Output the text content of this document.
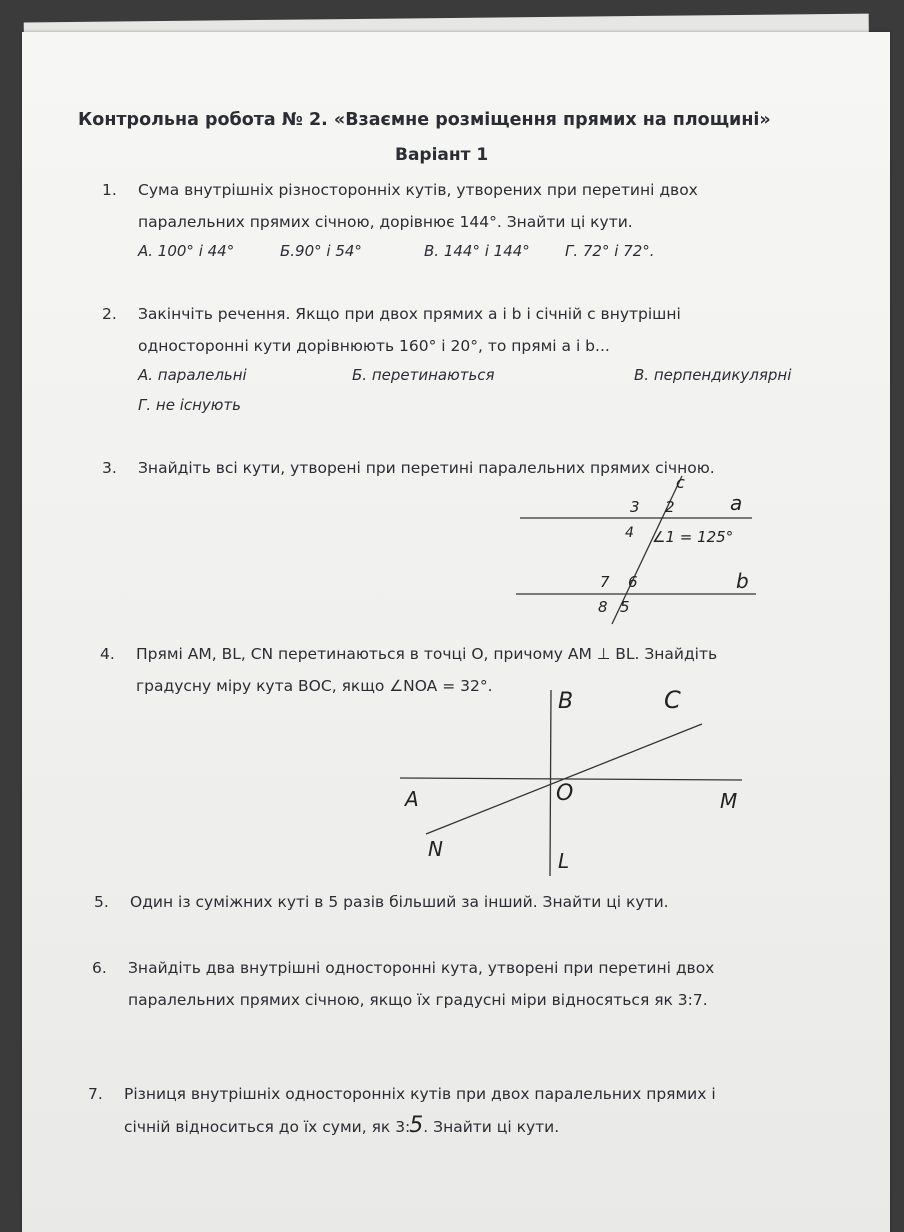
Контрольна робота № 2. «Взаємне розміщення прямих на площині»
Варіант 1
1. Сума внутрішніх різносторонніх кутів, утворених при перетині двох
паралельних прямих січною, дорівнює 144°. Знайти ці кути.
А. 100° і 44°	Б.90° і 54°	В. 144° і 144° Г. 72° і 72°.
2. Закінчіть речення. Якщо при двох прямих a і b і січній c внутрішні
односторонні кути дорівнюють 160° і 20°, то прямі a і b...
А. паралельні	Б. перетинаються	В. перпендикулярні
Г. не існують
3. Знайдіть всі кути, утворені при перетині паралельних прямих січною.
c
3 2	a
4 ∠1 = 125°
7 6	b
8 5
4. Прямі АМ, BL, CN перетинаються в точці О, причому АМ ⊥ BL. Знайдіть
градусну міру кута ВОС, якщо ∠NOA = 32°.
B	C
A	O	M
N	L
5. Один із суміжних куті в 5 разів більший за інший. Знайти ці кути.
6. Знайдіть два внутрішні односторонні кута, утворені при перетині двох
паралельних прямих січною, якщо їх градусні міри відносяться як 3:7.
7. Різниця внутрішніх односторонніх кутів при двох паралельних прямих і
січній відноситься до їх суми, як 3:5. Знайти ці кути.
